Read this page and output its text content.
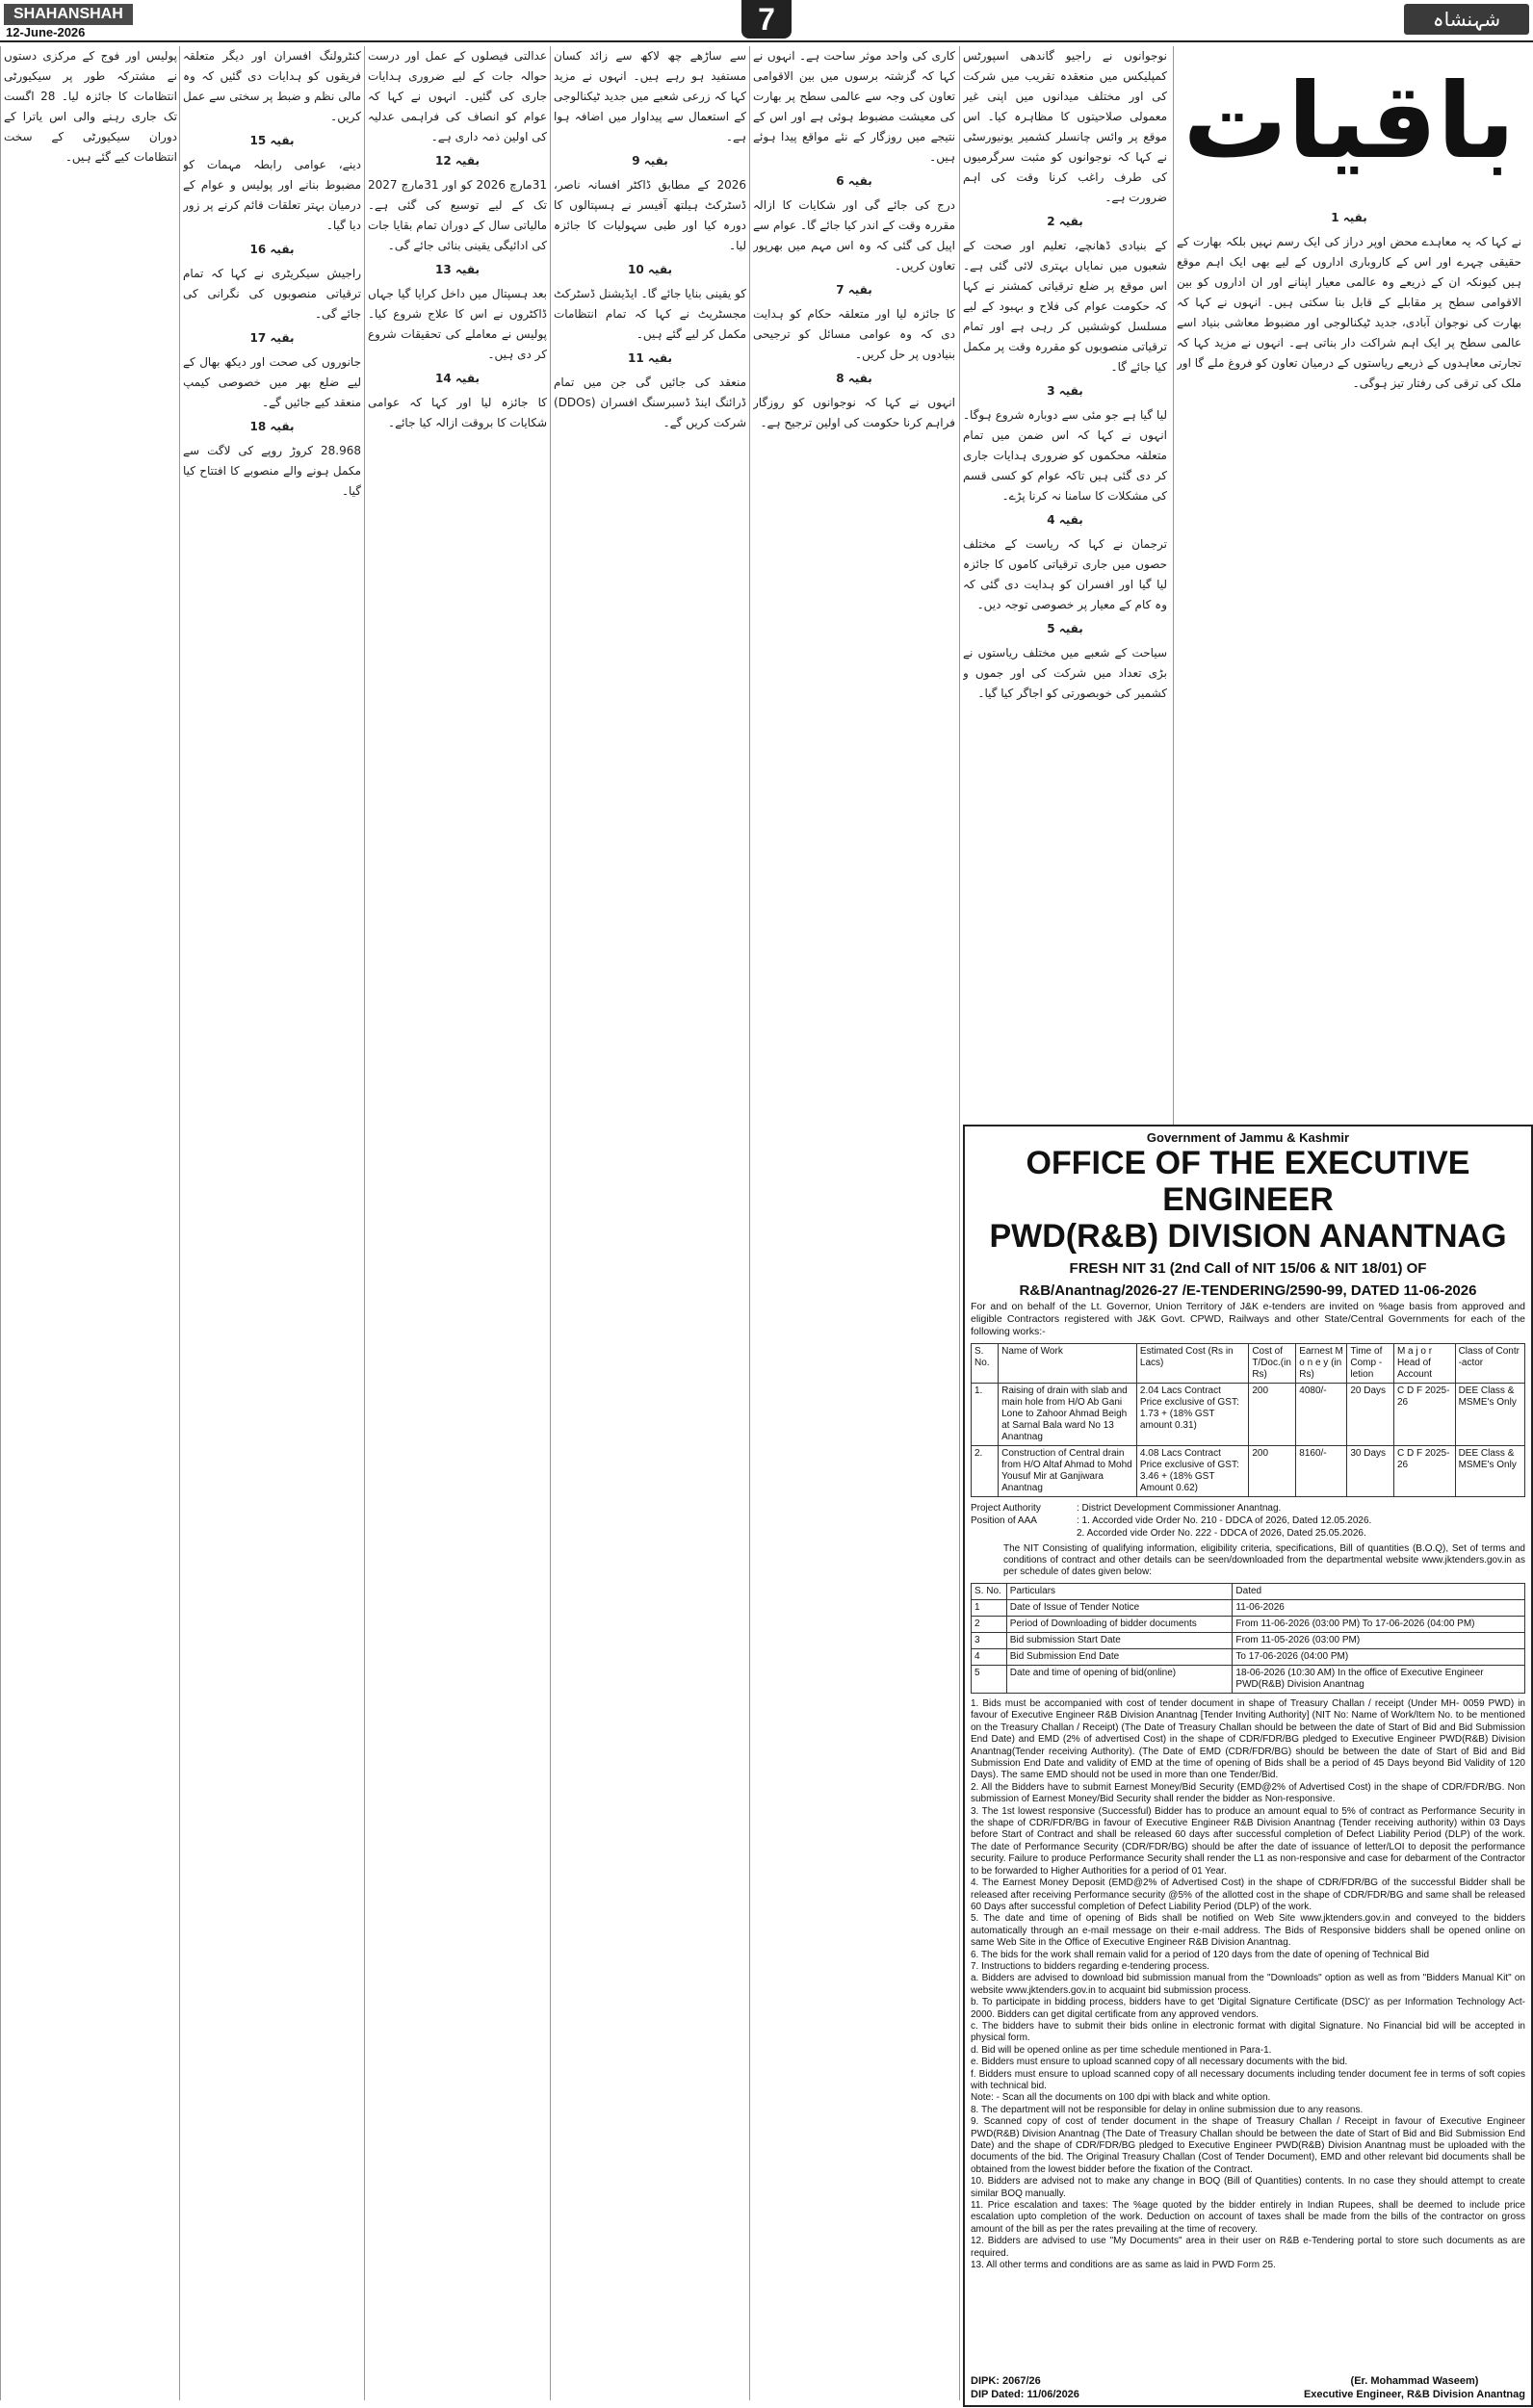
SHAHANSHAH
12-June-2026	7	شہنشاہ
باقیات

بقیہ 1

نے کہا کہ یہ معاہدے محض اوپر دراز کی ایک رسم نہیں بلکہ بھارت کے حقیقی چہرے اور اس کے کاروباری اداروں کے لیے بھی ایک اہم موقع ہیں کیونکہ ان کے ذریعے وہ عالمی معیار اپنانے اور ان اداروں کو بین الاقوامی سطح پر مقابلے کے قابل بنا سکتی ہیں۔ انہوں نے کہا کہ بھارت کی نوجوان آبادی، جدید ٹیکنالوجی اور مضبوط معاشی بنیاد اسے عالمی سطح پر ایک اہم شراکت دار بناتی ہے۔ انہوں نے مزید کہا کہ تجارتی معاہدوں کے ذریعے ریاستوں کے درمیان تعاون کو فروغ ملے گا اور ملک کی ترقی کی رفتار تیز ہوگی۔

نوجوانوں نے راجیو گاندھی اسپورٹس کمپلیکس میں منعقدہ تقریب میں شرکت کی اور مختلف میدانوں میں اپنی غیر معمولی صلاحیتوں کا مظاہرہ کیا۔ اس موقع پر وائس چانسلر کشمیر یونیورسٹی نے کہا کہ نوجوانوں کو مثبت سرگرمیوں کی طرف راغب کرنا وقت کی اہم ضرورت ہے۔

بقیہ 2

کے بنیادی ڈھانچے، تعلیم اور صحت کے شعبوں میں نمایاں بہتری لائی گئی ہے۔ اس موقع پر ضلع ترقیاتی کمشنر نے کہا کہ حکومت عوام کی فلاح و بہبود کے لیے مسلسل کوششیں کر رہی ہے اور تمام ترقیاتی منصوبوں کو مقررہ وقت پر مکمل کیا جائے گا۔

بقیہ 3

لیا گیا ہے جو مئی سے دوبارہ شروع ہوگا۔ انہوں نے کہا کہ اس ضمن میں تمام متعلقہ محکموں کو ضروری ہدایات جاری کر دی گئی ہیں تاکہ عوام کو کسی قسم کی مشکلات کا سامنا نہ کرنا پڑے۔

بقیہ 4

ترجمان نے کہا کہ ریاست کے مختلف حصوں میں جاری ترقیاتی کاموں کا جائزہ لیا گیا اور افسران کو ہدایت دی گئی کہ وہ کام کے معیار پر خصوصی توجہ دیں۔

بقیہ 5

سیاحت کے شعبے میں مختلف ریاستوں نے بڑی تعداد میں شرکت کی اور جموں و کشمیر کی خوبصورتی کو اجاگر کیا گیا۔

کاری کی واحد موثر ساحت ہے۔ انہوں نے کہا کہ گزشتہ برسوں میں بین الاقوامی تعاون کی وجہ سے عالمی سطح پر بھارت کی معیشت مضبوط ہوئی ہے اور اس کے نتیجے میں روزگار کے نئے مواقع پیدا ہوئے ہیں۔

بقیہ 6

درج کی جائے گی اور شکایات کا ازالہ مقررہ وقت کے اندر کیا جائے گا۔ عوام سے اپیل کی گئی کہ وہ اس مہم میں بھرپور تعاون کریں۔

بقیہ 7

کا جائزہ لیا اور متعلقہ حکام کو ہدایت دی کہ وہ عوامی مسائل کو ترجیحی بنیادوں پر حل کریں۔

بقیہ 8

انہوں نے کہا کہ نوجوانوں کو روزگار فراہم کرنا حکومت کی اولین ترجیح ہے۔

سے ساڑھے چھ لاکھ سے زائد کسان مستفید ہو رہے ہیں۔ انہوں نے مزید کہا کہ زرعی شعبے میں جدید ٹیکنالوجی کے استعمال سے پیداوار میں اضافہ ہوا ہے۔

بقیہ 9

2026 کے مطابق ڈاکٹر افسانہ ناصر، ڈسٹرکٹ ہیلتھ آفیسر نے ہسپتالوں کا دورہ کیا اور طبی سہولیات کا جائزہ لیا۔

بقیہ 10

کو یقینی بنایا جائے گا۔ ایڈیشنل ڈسٹرکٹ مجسٹریٹ نے کہا کہ تمام انتظامات مکمل کر لیے گئے ہیں۔

بقیہ 11

منعقد کی جائیں گی جن میں تمام ڈرائنگ اینڈ ڈسبرسنگ افسران (DDOs) شرکت کریں گے۔

عدالتی فیصلوں کے عمل اور درست حوالہ جات کے لیے ضروری ہدایات جاری کی گئیں۔ انہوں نے کہا کہ عوام کو انصاف کی فراہمی عدلیہ کی اولین ذمہ داری ہے۔

بقیہ 12

31مارچ 2026 کو اور 31مارچ 2027 تک کے لیے توسیع کی گئی ہے۔ مالیاتی سال کے دوران تمام بقایا جات کی ادائیگی یقینی بنائی جائے گی۔

بقیہ 13

بعد ہسپتال میں داخل کرایا گیا جہاں ڈاکٹروں نے اس کا علاج شروع کیا۔ پولیس نے معاملے کی تحقیقات شروع کر دی ہیں۔

بقیہ 14

کا جائزہ لیا اور کہا کہ عوامی شکایات کا بروقت ازالہ کیا جائے۔

کنٹرولنگ افسران اور دیگر متعلقہ فریقوں کو ہدایات دی گئیں کہ وہ مالی نظم و ضبط پر سختی سے عمل کریں۔

بقیہ 15

دینے، عوامی رابطہ مہمات کو مضبوط بنانے اور پولیس و عوام کے درمیان بہتر تعلقات قائم کرنے پر زور دیا گیا۔

بقیہ 16

راجیش سیکریٹری نے کہا کہ تمام ترقیاتی منصوبوں کی نگرانی کی جائے گی۔

بقیہ 17

جانوروں کی صحت اور دیکھ بھال کے لیے ضلع بھر میں خصوصی کیمپ منعقد کیے جائیں گے۔

بقیہ 18

28.968 کروڑ روپے کی لاگت سے مکمل ہونے والے منصوبے کا افتتاح کیا گیا۔

پولیس اور فوج کے مرکزی دستوں نے مشترکہ طور پر سیکیورٹی انتظامات کا جائزہ لیا۔ 28 اگست تک جاری رہنے والی اس یاترا کے دوران سیکیورٹی کے سخت انتظامات کیے گئے ہیں۔

Government of Jammu & Kashmir
OFFICE OF THE EXECUTIVE ENGINEER
PWD(R&B) DIVISION ANANTNAG
FRESH NIT 31 (2nd Call of NIT 15/06 & NIT 18/01) OF
R&B/Anantnag/2026-27 /E-TENDERING/2590-99, DATED 11-06-2026
For and on behalf of the Lt. Governor, Union Territory of J&K e-tenders are invited on %age basis from approved and eligible Contractors registered with J&K Govt. CPWD, Railways and other State/Central Governments for each of the following works:-
S. No.	Name of Work	Estimated Cost (Rs in Lacs)	Cost of T/Doc.(in Rs)	Earnest M o n e y (in Rs)	Time of Comp -letion	M a j o r Head of Account	Class of Contr -actor
1.	Raising of drain with slab and main hole from H/O Ab Gani Lone to Zahoor Ahmad Beigh at Sarnal Bala ward No 13 Anantnag	2.04 Lacs Contract Price exclusive of GST: 1.73 + (18% GST amount 0.31)	200	4080/-	20 Days	C D F 2025-26	DEE Class & MSME's Only
2.	Construction of Central drain from H/O Altaf Ahmad to Mohd Yousuf Mir at Ganjiwara Anantnag	4.08 Lacs Contract Price exclusive of GST: 3.46 + (18% GST Amount 0.62)	200	8160/-	30 Days	C D F 2025-26	DEE Class & MSME's Only
Project Authority	: District Development Commissioner Anantnag.
Position of AAA	: 1. Accorded vide Order No. 210 - DDCA of 2026, Dated 12.05.2026.
2. Accorded vide Order No. 222 - DDCA of 2026, Dated 25.05.2026.
The NIT Consisting of qualifying information, eligibility criteria, specifications, Bill of quantities (B.O.Q), Set of terms and conditions of contract and other details can be seen/downloaded from the departmental website www.jktenders.gov.in as per schedule of dates given below:
S. No.	Particulars	Dated
1	Date of Issue of Tender Notice	11-06-2026
2	Period of Downloading of bidder documents	From 11-06-2026 (03:00 PM) To 17-06-2026 (04:00 PM)
3	Bid submission Start Date	From 11-05-2026 (03:00 PM)
4	Bid Submission End Date	To 17-06-2026 (04:00 PM)
5	Date and time of opening of bid(online)	18-06-2026 (10:30 AM) In the office of Executive Engineer PWD(R&B) Division Anantnag

1. Bids must be accompanied with cost of tender document in shape of Treasury Challan / receipt (Under MH- 0059 PWD) in favour of Executive Engineer R&B Division Anantnag [Tender Inviting Authority] (NIT No: Name of Work/Item No. to be mentioned on the Treasury Challan / Receipt) (The Date of Treasury Challan should be between the date of Start of Bid and Bid Submission End Date) and EMD (2% of advertised Cost) in the shape of CDR/FDR/BG pledged to Executive Engineer PWD(R&B) Division Anantnag(Tender receiving Authority). (The Date of EMD (CDR/FDR/BG) should be between the date of Start of Bid and Bid Submission End Date and validity of EMD at the time of opening of Bids shall be a period of 45 Days beyond Bid Validity of 120 Days). The same EMD should not be used in more than one Tender/Bid.

2. All the Bidders have to submit Earnest Money/Bid Security (EMD@2% of Advertised Cost) in the shape of CDR/FDR/BG. Non submission of Earnest Money/Bid Security shall render the bidder as Non-responsive.

3. The 1st lowest responsive (Successful) Bidder has to produce an amount equal to 5% of contract as Performance Security in the shape of CDR/FDR/BG in favour of Executive Engineer R&B Division Anantnag (Tender receiving authority) within 03 Days before Start of Contract and shall be released 60 days after successful completion of Defect Liability Period (DLP) of the work. The date of Performance Security (CDR/FDR/BG) should be after the date of issuance of letter/LOI to deposit the performance security. Failure to produce Performance Security shall render the L1 as non-responsive and case for debarment of the Contractor to be forwarded to Higher Authorities for a period of 01 Year.

4. The Earnest Money Deposit (EMD@2% of Advertised Cost) in the shape of CDR/FDR/BG of the successful Bidder shall be released after receiving Performance security @5% of the allotted cost in the shape of CDR/FDR/BG and same shall be released 60 Days after successful completion of Defect Liability Period (DLP) of the work.

5. The date and time of opening of Bids shall be notified on Web Site www.jktenders.gov.in and conveyed to the bidders automatically through an e-mail message on their e-mail address. The Bids of Responsive bidders shall be opened online on same Web Site in the Office of Executive Engineer R&B Division Anantnag.

6. The bids for the work shall remain valid for a period of 120 days from the date of opening of Technical Bid

7. Instructions to bidders regarding e-tendering process.

a. Bidders are advised to download bid submission manual from the "Downloads" option as well as from "Bidders Manual Kit" on website www.jktenders.gov.in to acquaint bid submission process.

b. To participate in bidding process, bidders have to get 'Digital Signature Certificate (DSC)' as per Information Technology Act-2000. Bidders can get digital certificate from any approved vendors.

c. The bidders have to submit their bids online in electronic format with digital Signature. No Financial bid will be accepted in physical form.

d. Bid will be opened online as per time schedule mentioned in Para-1.

e. Bidders must ensure to upload scanned copy of all necessary documents with the bid.

f. Bidders must ensure to upload scanned copy of all necessary documents including tender document fee in terms of soft copies with technical bid.

Note: - Scan all the documents on 100 dpi with black and white option.

8. The department will not be responsible for delay in online submission due to any reasons.

9. Scanned copy of cost of tender document in the shape of Treasury Challan / Receipt in favour of Executive Engineer PWD(R&B) Division Anantnag (The Date of Treasury Challan should be between the date of Start of Bid and Bid Submission End Date) and the shape of CDR/FDR/BG pledged to Executive Engineer PWD(R&B) Division Anantnag must be uploaded with the documents of the bid. The Original Treasury Challan (Cost of Tender Document), EMD and other relevant bid documents shall be obtained from the lowest bidder before the fixation of the Contract.

10. Bidders are advised not to make any change in BOQ (Bill of Quantities) contents. In no case they should attempt to create similar BOQ manually.

11. Price escalation and taxes: The %age quoted by the bidder entirely in Indian Rupees, shall be deemed to include price escalation upto completion of the work. Deduction on account of taxes shall be made from the bills of the contractor on gross amount of the bill as per the rates prevailing at the time of recovery.

12. Bidders are advised to use "My Documents" area in their user on R&B e-Tendering portal to store such documents as are required.

13. All other terms and conditions are as same as laid in PWD Form 25.

DIPK: 2067/26
DIP Dated: 11/06/2026
(Er. Mohammad Waseem)
Executive Engineer, R&B Division Anantnag
